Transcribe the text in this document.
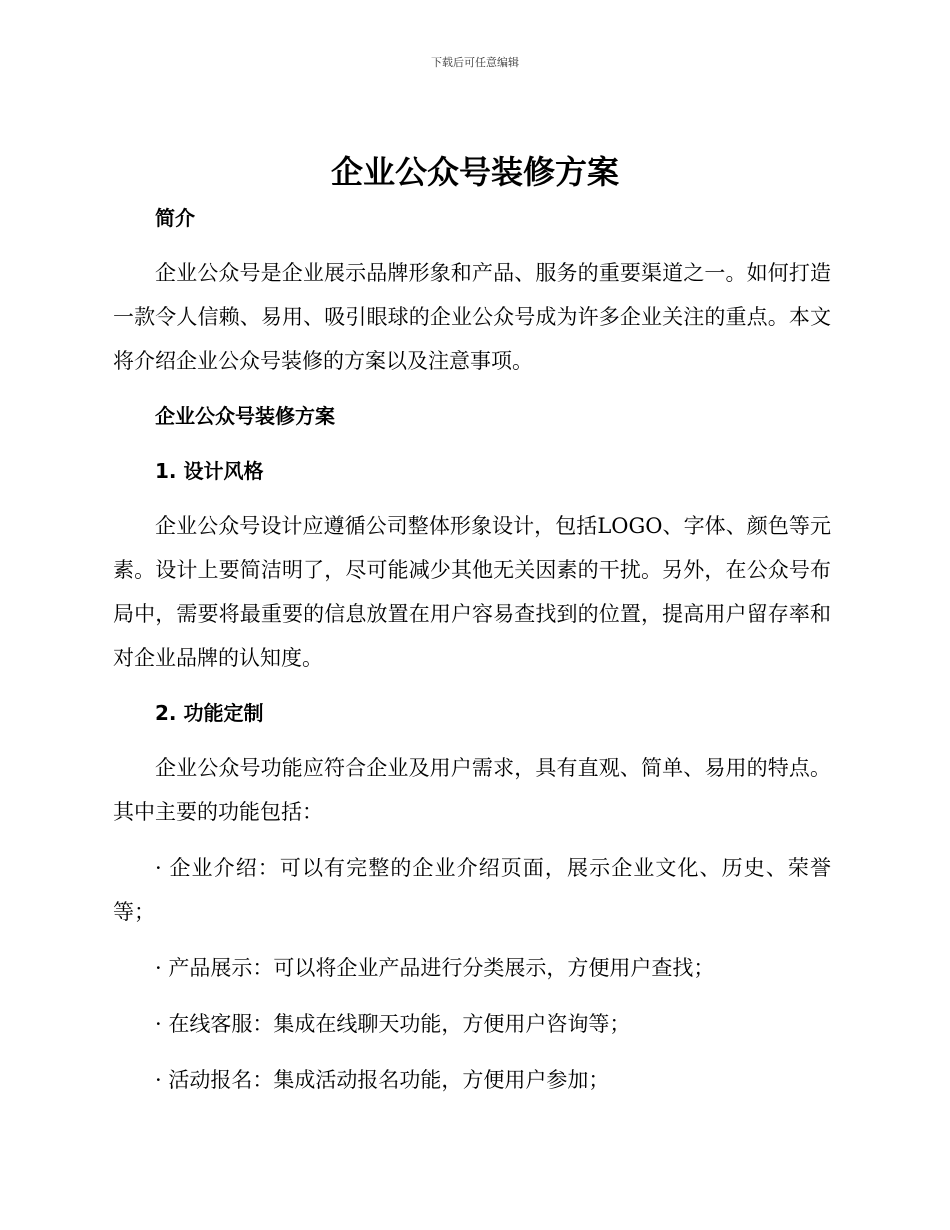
下载后可任意编辑
企业公众号装修方案
简介

企业公众号是企业展示品牌形象和产品、服务的重要渠道之一。如何打造一款令人信赖、易用、吸引眼球的企业公众号成为许多企业关注的重点。本文将介绍企业公众号装修的方案以及注意事项。

企业公众号装修方案
1. 设计风格

企业公众号设计应遵循公司整体形象设计，包括LOGO、字体、颜色等元素。设计上要简洁明了，尽可能减少其他无关因素的干扰。另外，在公众号布局中，需要将最重要的信息放置在用户容易查找到的位置，提高用户留存率和对企业品牌的认知度。

2. 功能定制

企业公众号功能应符合企业及用户需求，具有直观、简单、易用的特点。其中主要的功能包括：

· 企业介绍：可以有完整的企业介绍页面，展示企业文化、历史、荣誉等；

· 产品展示：可以将企业产品进行分类展示，方便用户查找；

· 在线客服：集成在线聊天功能，方便用户咨询等；

· 活动报名：集成活动报名功能，方便用户参加；
